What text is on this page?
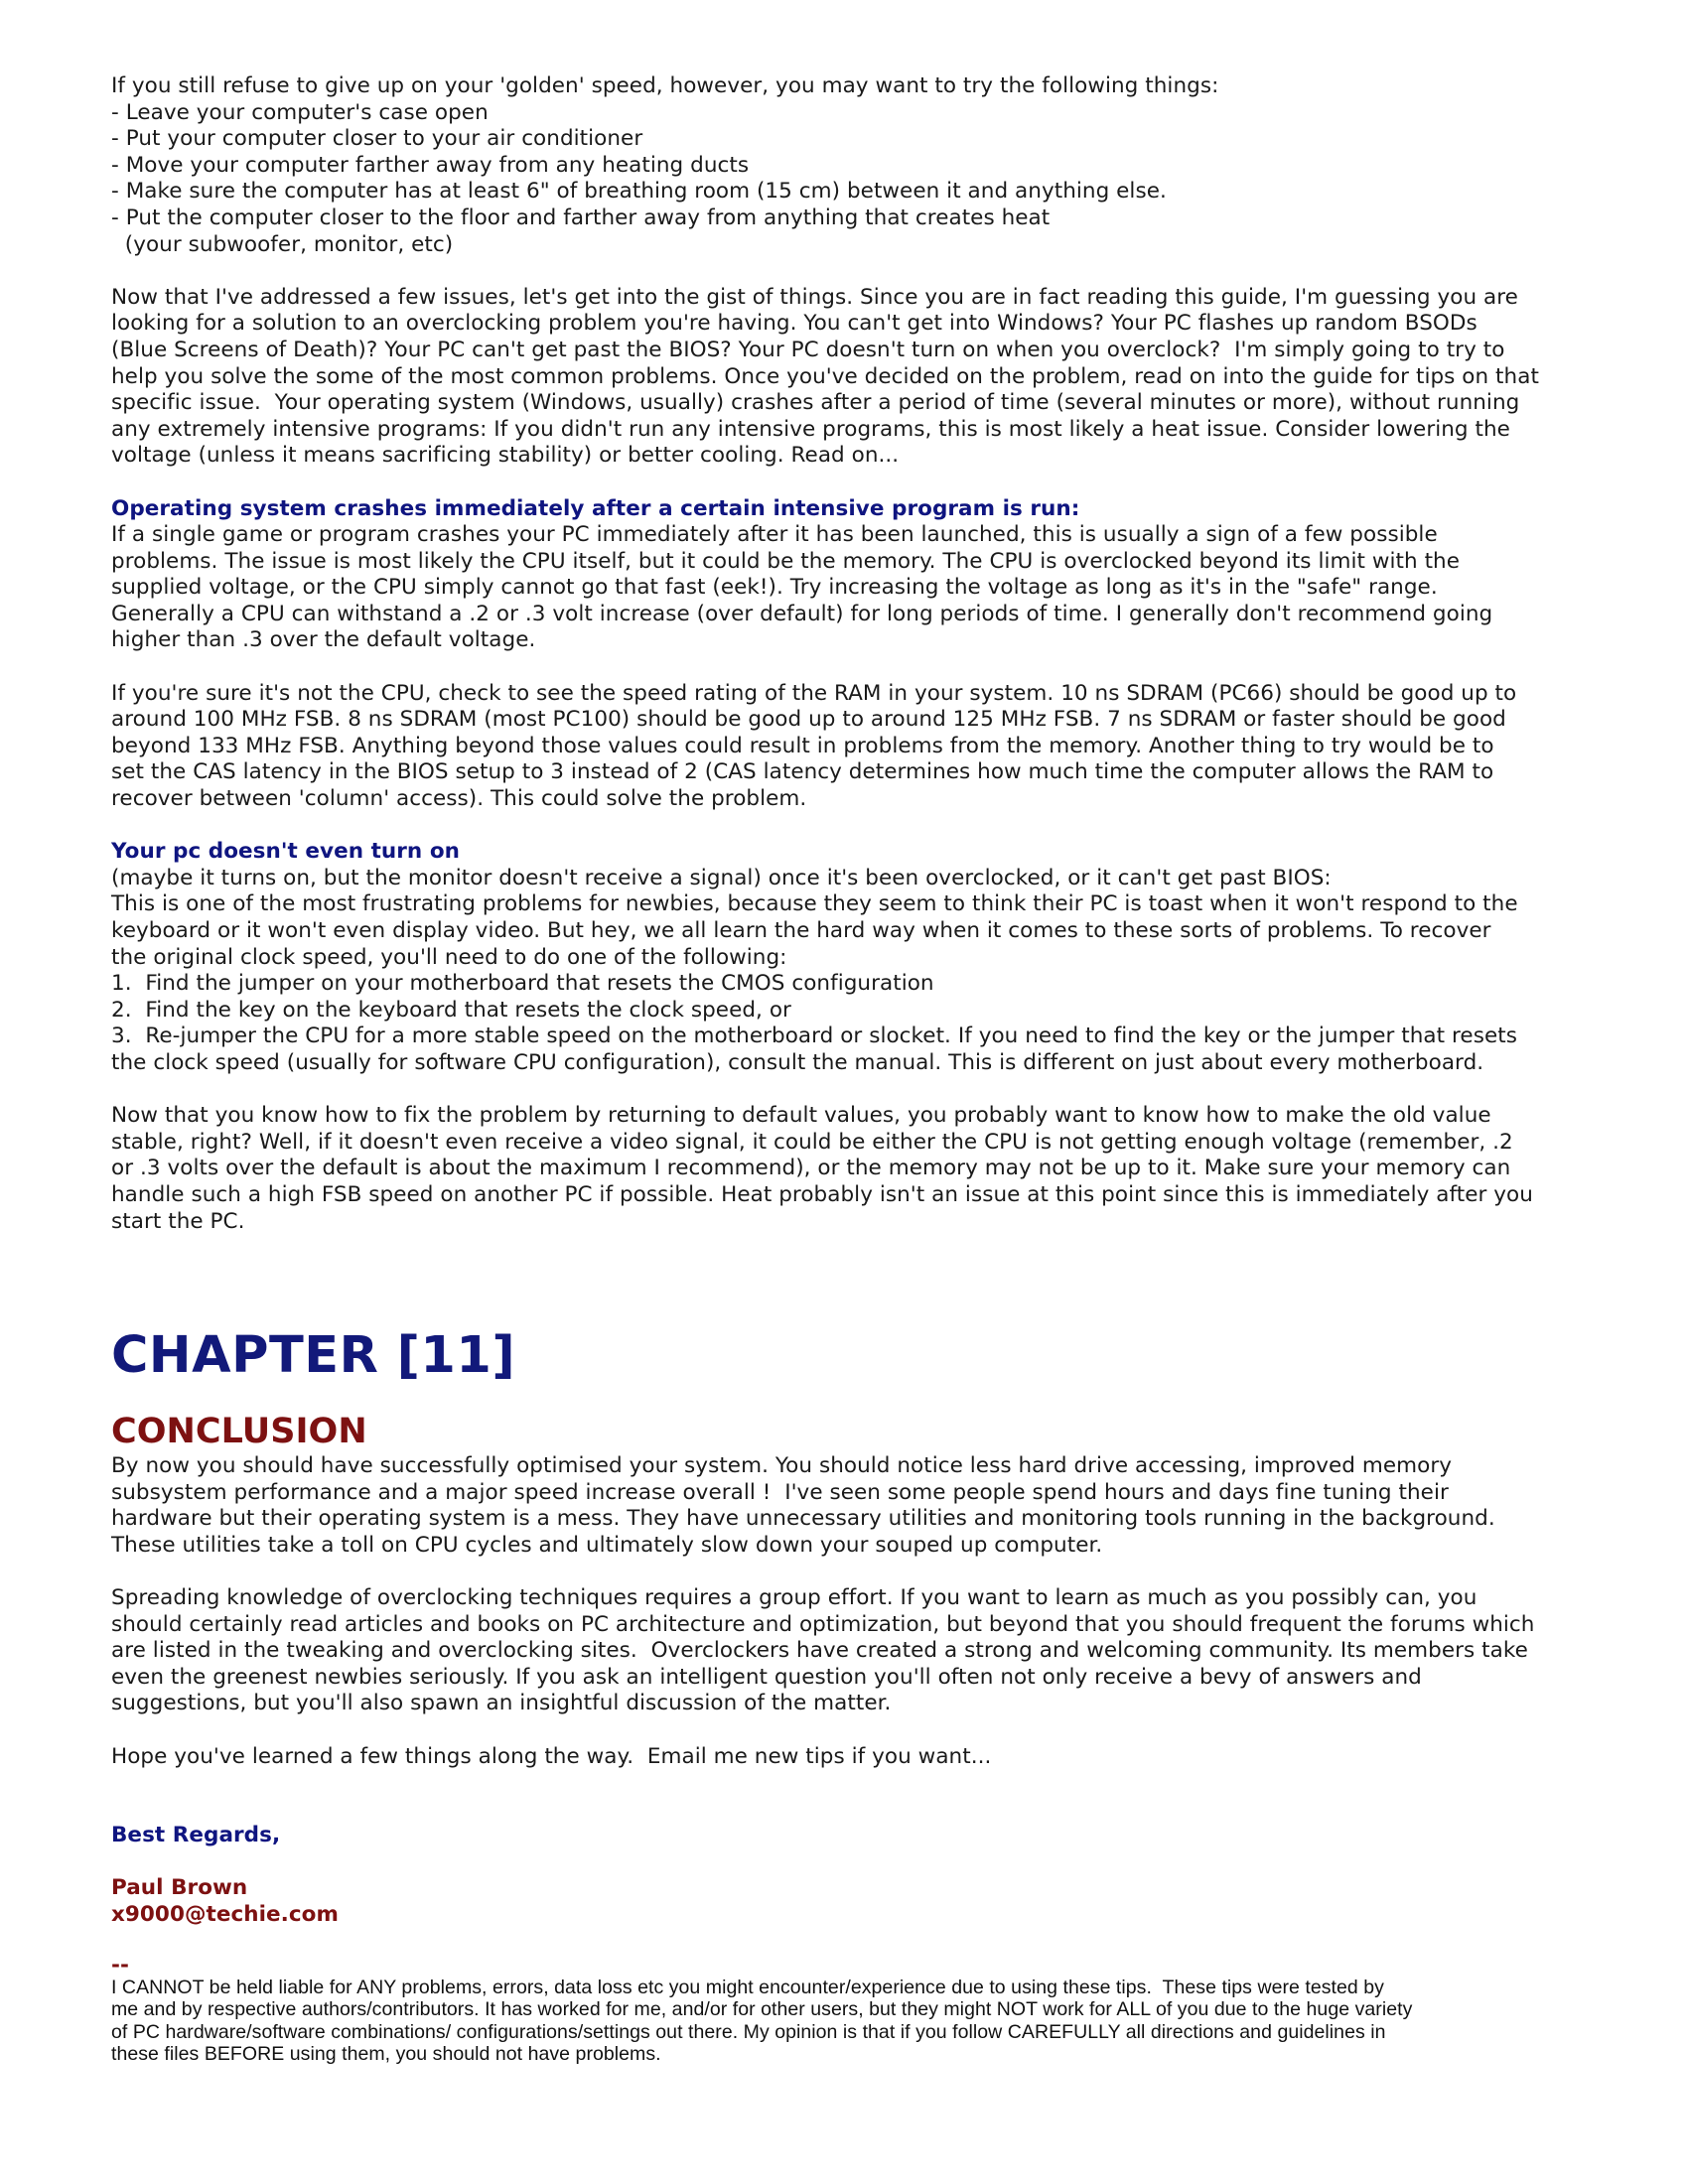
If you still refuse to give up on your 'golden' speed, however, you may want to try the following things:
- Leave your computer's case open
- Put your computer closer to your air conditioner
- Move your computer farther away from any heating ducts
- Make sure the computer has at least 6" of breathing room (15 cm) between it and anything else.
- Put the computer closer to the floor and farther away from anything that creates heat
(your subwoofer, monitor, etc)
Now that I've addressed a few issues, let's get into the gist of things. Since you are in fact reading this guide, I'm guessing you are
looking for a solution to an overclocking problem you're having. You can't get into Windows? Your PC flashes up random BSODs
(Blue Screens of Death)? Your PC can't get past the BIOS? Your PC doesn't turn on when you overclock?  I'm simply going to try to
help you solve the some of the most common problems. Once you've decided on the problem, read on into the guide for tips on that
specific issue.  Your operating system (Windows, usually) crashes after a period of time (several minutes or more), without running
any extremely intensive programs: If you didn't run any intensive programs, this is most likely a heat issue. Consider lowering the
voltage (unless it means sacrificing stability) or better cooling. Read on...
Operating system crashes immediately after a certain intensive program is run:
If a single game or program crashes your PC immediately after it has been launched, this is usually a sign of a few possible
problems. The issue is most likely the CPU itself, but it could be the memory. The CPU is overclocked beyond its limit with the
supplied voltage, or the CPU simply cannot go that fast (eek!). Try increasing the voltage as long as it's in the "safe" range.
Generally a CPU can withstand a .2 or .3 volt increase (over default) for long periods of time. I generally don't recommend going
higher than .3 over the default voltage.
If you're sure it's not the CPU, check to see the speed rating of the RAM in your system. 10 ns SDRAM (PC66) should be good up to
around 100 MHz FSB. 8 ns SDRAM (most PC100) should be good up to around 125 MHz FSB. 7 ns SDRAM or faster should be good
beyond 133 MHz FSB. Anything beyond those values could result in problems from the memory. Another thing to try would be to
set the CAS latency in the BIOS setup to 3 instead of 2 (CAS latency determines how much time the computer allows the RAM to
recover between 'column' access). This could solve the problem.
Your pc doesn't even turn on
(maybe it turns on, but the monitor doesn't receive a signal) once it's been overclocked, or it can't get past BIOS:
This is one of the most frustrating problems for newbies, because they seem to think their PC is toast when it won't respond to the
keyboard or it won't even display video. But hey, we all learn the hard way when it comes to these sorts of problems. To recover
the original clock speed, you'll need to do one of the following:
1.  Find the jumper on your motherboard that resets the CMOS configuration
2.  Find the key on the keyboard that resets the clock speed, or
3.  Re-jumper the CPU for a more stable speed on the motherboard or slocket. If you need to find the key or the jumper that resets
the clock speed (usually for software CPU configuration), consult the manual. This is different on just about every motherboard.
Now that you know how to fix the problem by returning to default values, you probably want to know how to make the old value
stable, right? Well, if it doesn't even receive a video signal, it could be either the CPU is not getting enough voltage (remember, .2
or .3 volts over the default is about the maximum I recommend), or the memory may not be up to it. Make sure your memory can
handle such a high FSB speed on another PC if possible. Heat probably isn't an issue at this point since this is immediately after you
start the PC.
CHAPTER [11]
CONCLUSION
By now you should have successfully optimised your system. You should notice less hard drive accessing, improved memory
subsystem performance and a major speed increase overall !  I've seen some people spend hours and days fine tuning their
hardware but their operating system is a mess. They have unnecessary utilities and monitoring tools running in the background.
These utilities take a toll on CPU cycles and ultimately slow down your souped up computer.
Spreading knowledge of overclocking techniques requires a group effort. If you want to learn as much as you possibly can, you
should certainly read articles and books on PC architecture and optimization, but beyond that you should frequent the forums which
are listed in the tweaking and overclocking sites.  Overclockers have created a strong and welcoming community. Its members take
even the greenest newbies seriously. If you ask an intelligent question you'll often not only receive a bevy of answers and
suggestions, but you'll also spawn an insightful discussion of the matter.
Hope you've learned a few things along the way.  Email me new tips if you want...
Best Regards,
Paul Brown
x9000@techie.com
--
I CANNOT be held liable for ANY problems, errors, data loss etc you might encounter/experience due to using these tips.  These tips were tested by
me and by respective authors/contributors. It has worked for me, and/or for other users, but they might NOT work for ALL of you due to the huge variety
of PC hardware/software combinations/ configurations/settings out there. My opinion is that if you follow CAREFULLY all directions and guidelines in
these files BEFORE using them, you should not have problems.
